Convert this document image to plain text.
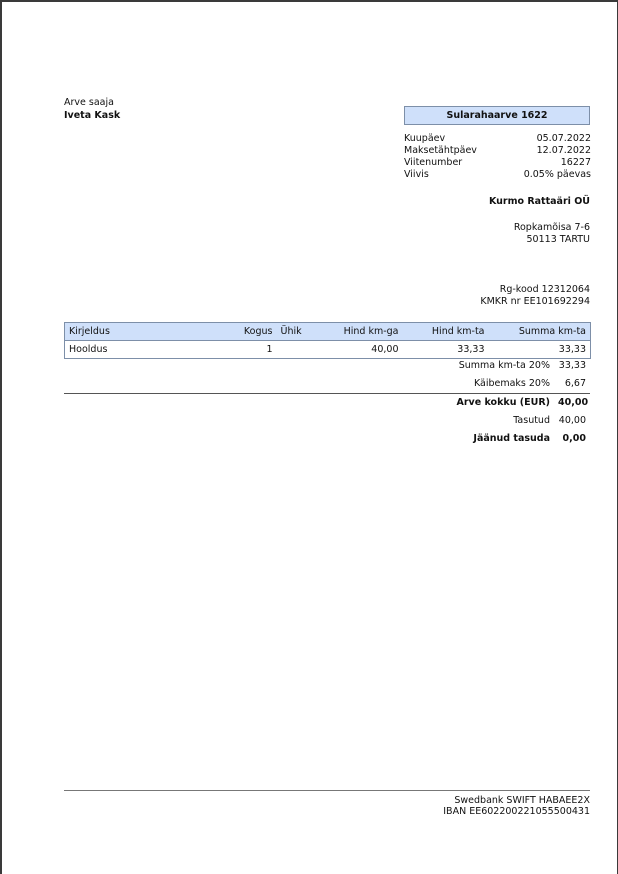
Arve saaja
Iveta Kask	Sularahaarve 1622
Kuupäev	05.07.2022
Maksetähtpäev	12.07.2022
Viitenumber	16227
Viivis	0.05% päevas
Kurmo Rattaäri OÜ
Ropkamõisa 7-6
50113 TARTU
Rg-kood 12312064
KMKR nr EE101692294
Kirjeldus	Kogus	Ühik	Hind km-ga	Hind km-ta	Summa km-ta
Hooldus	1		40,00	33,33	33,33
Summa km-ta 20% 33,33
Käibemaks 20%	6,67
Arve kokku (EUR) 40,00
Tasutud 40,00
Jäänud tasuda	0,00
Swedbank SWIFT HABAEE2X
IBAN EE602200221055500431
